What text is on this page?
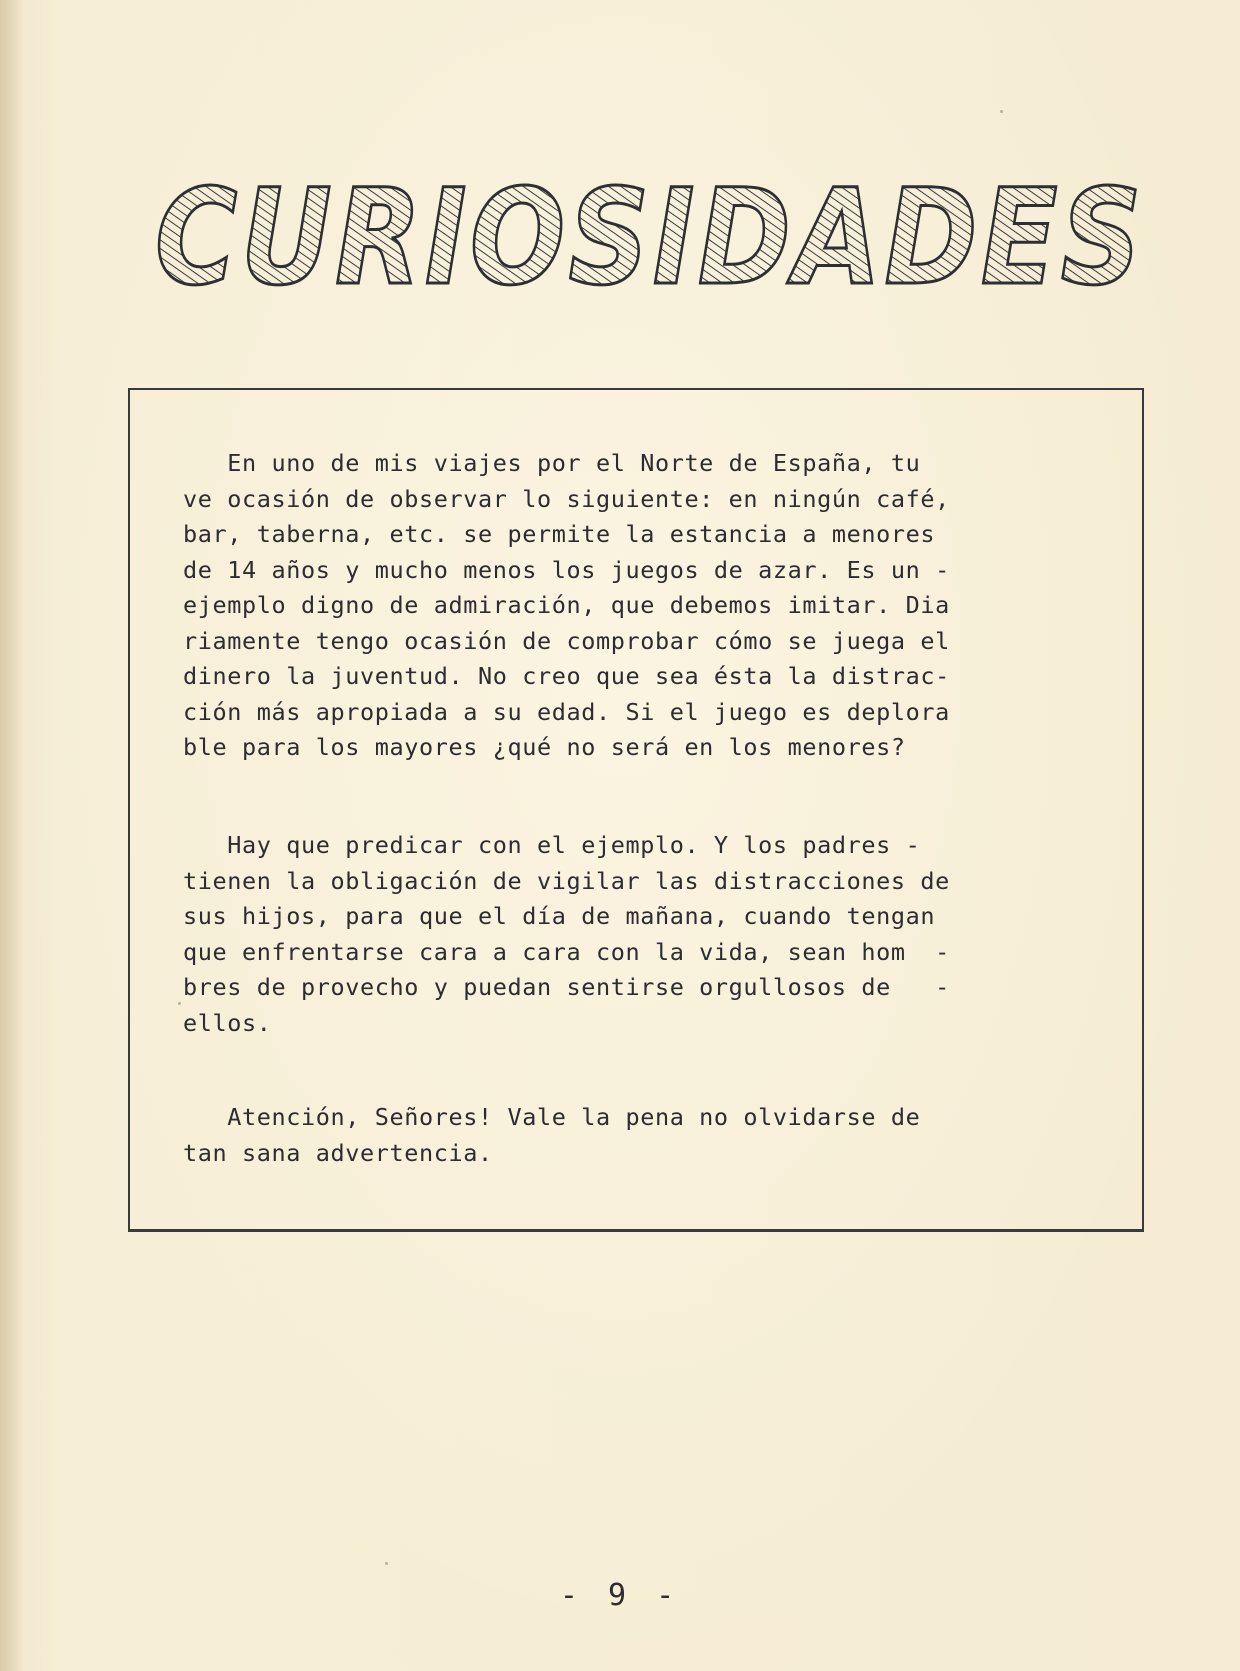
CURIOSIDADES

En uno de mis viajes por el Norte de España, tu
ve ocasión de observar lo siguiente: en ningún café,
bar, taberna, etc. se permite la estancia a menores
de 14 años y mucho menos los juegos de azar. Es un -
ejemplo digno de admiración, que debemos imitar. Dia
riamente tengo ocasión de comprobar cómo se juega el
dinero la juventud. No creo que sea ésta la distrac-
ción más apropiada a su edad. Si el juego es deplora
ble para los mayores ¿qué no será en los menores?

Hay que predicar con el ejemplo. Y los padres -
tienen la obligación de vigilar las distracciones de
sus hijos, para que el día de mañana, cuando tengan
que enfrentarse cara a cara con la vida, sean hom  -
bres de provecho y puedan sentirse orgullosos de   -
ellos.

Atención, Señores! Vale la pena no olvidarse de
tan sana advertencia.

- 9 -
